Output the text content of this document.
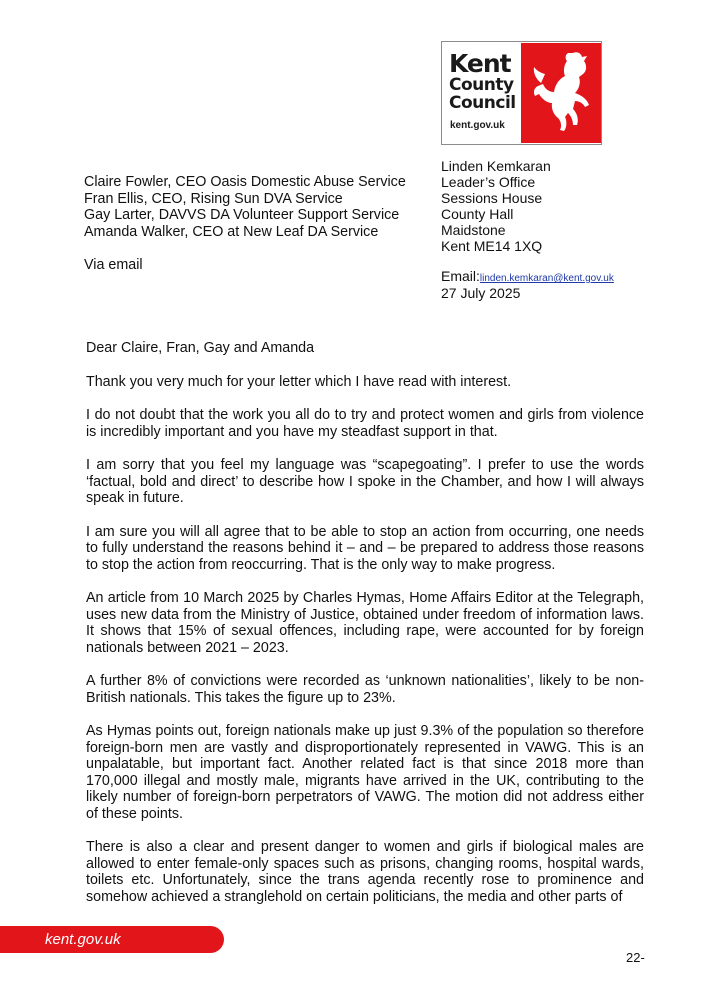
Kent
County
Council
kent.gov.uk
Claire Fowler, CEO Oasis Domestic Abuse Service
Fran Ellis, CEO, Rising Sun DVA Service
Gay Larter, DAVVS DA Volunteer Support Service
Amanda Walker, CEO at New Leaf DA Service
Via email
Linden Kemkaran
Leader’s Office
Sessions House
County Hall
Maidstone
Kent ME14 1XQ
Email:linden.kemkaran@kent.gov.uk
27 July 2025

Dear Claire, Fran, Gay and Amanda

Thank you very much for your letter which I have read with interest.

I do not doubt that the work you all do to try and protect women and girls from violence is incredibly important and you have my steadfast support in that.

I am sorry that you feel my language was “scapegoating”. I prefer to use the words ‘factual, bold and direct’ to describe how I spoke in the Chamber, and how I will always speak in future.

I am sure you will all agree that to be able to stop an action from occurring, one needs to fully understand the reasons behind it – and – be prepared to address those reasons to stop the action from reoccurring. That is the only way to make progress.

An article from 10 March 2025 by Charles Hymas, Home Affairs Editor at the Telegraph, uses new data from the Ministry of Justice, obtained under freedom of information laws. It shows that 15% of sexual offences, including rape, were accounted for by foreign nationals between 2021 – 2023.

A further 8% of convictions were recorded as ‘unknown nationalities’, likely to be non-British nationals. This takes the figure up to 23%.

As Hymas points out, foreign nationals make up just 9.3% of the population so therefore foreign-born men are vastly and disproportionately represented in VAWG. This is an unpalatable, but important fact. Another related fact is that since 2018 more than 170,000 illegal and mostly male, migrants have arrived in the UK, contributing to the likely number of foreign-born perpetrators of VAWG. The motion did not address either of these points.

There is also a clear and present danger to women and girls if biological males are allowed to enter female-only spaces such as prisons, changing rooms, hospital wards, toilets etc. Unfortunately, since the trans agenda recently rose to prominence and somehow achieved a stranglehold on certain politicians, the media and other parts of

kent.gov.uk
22-
